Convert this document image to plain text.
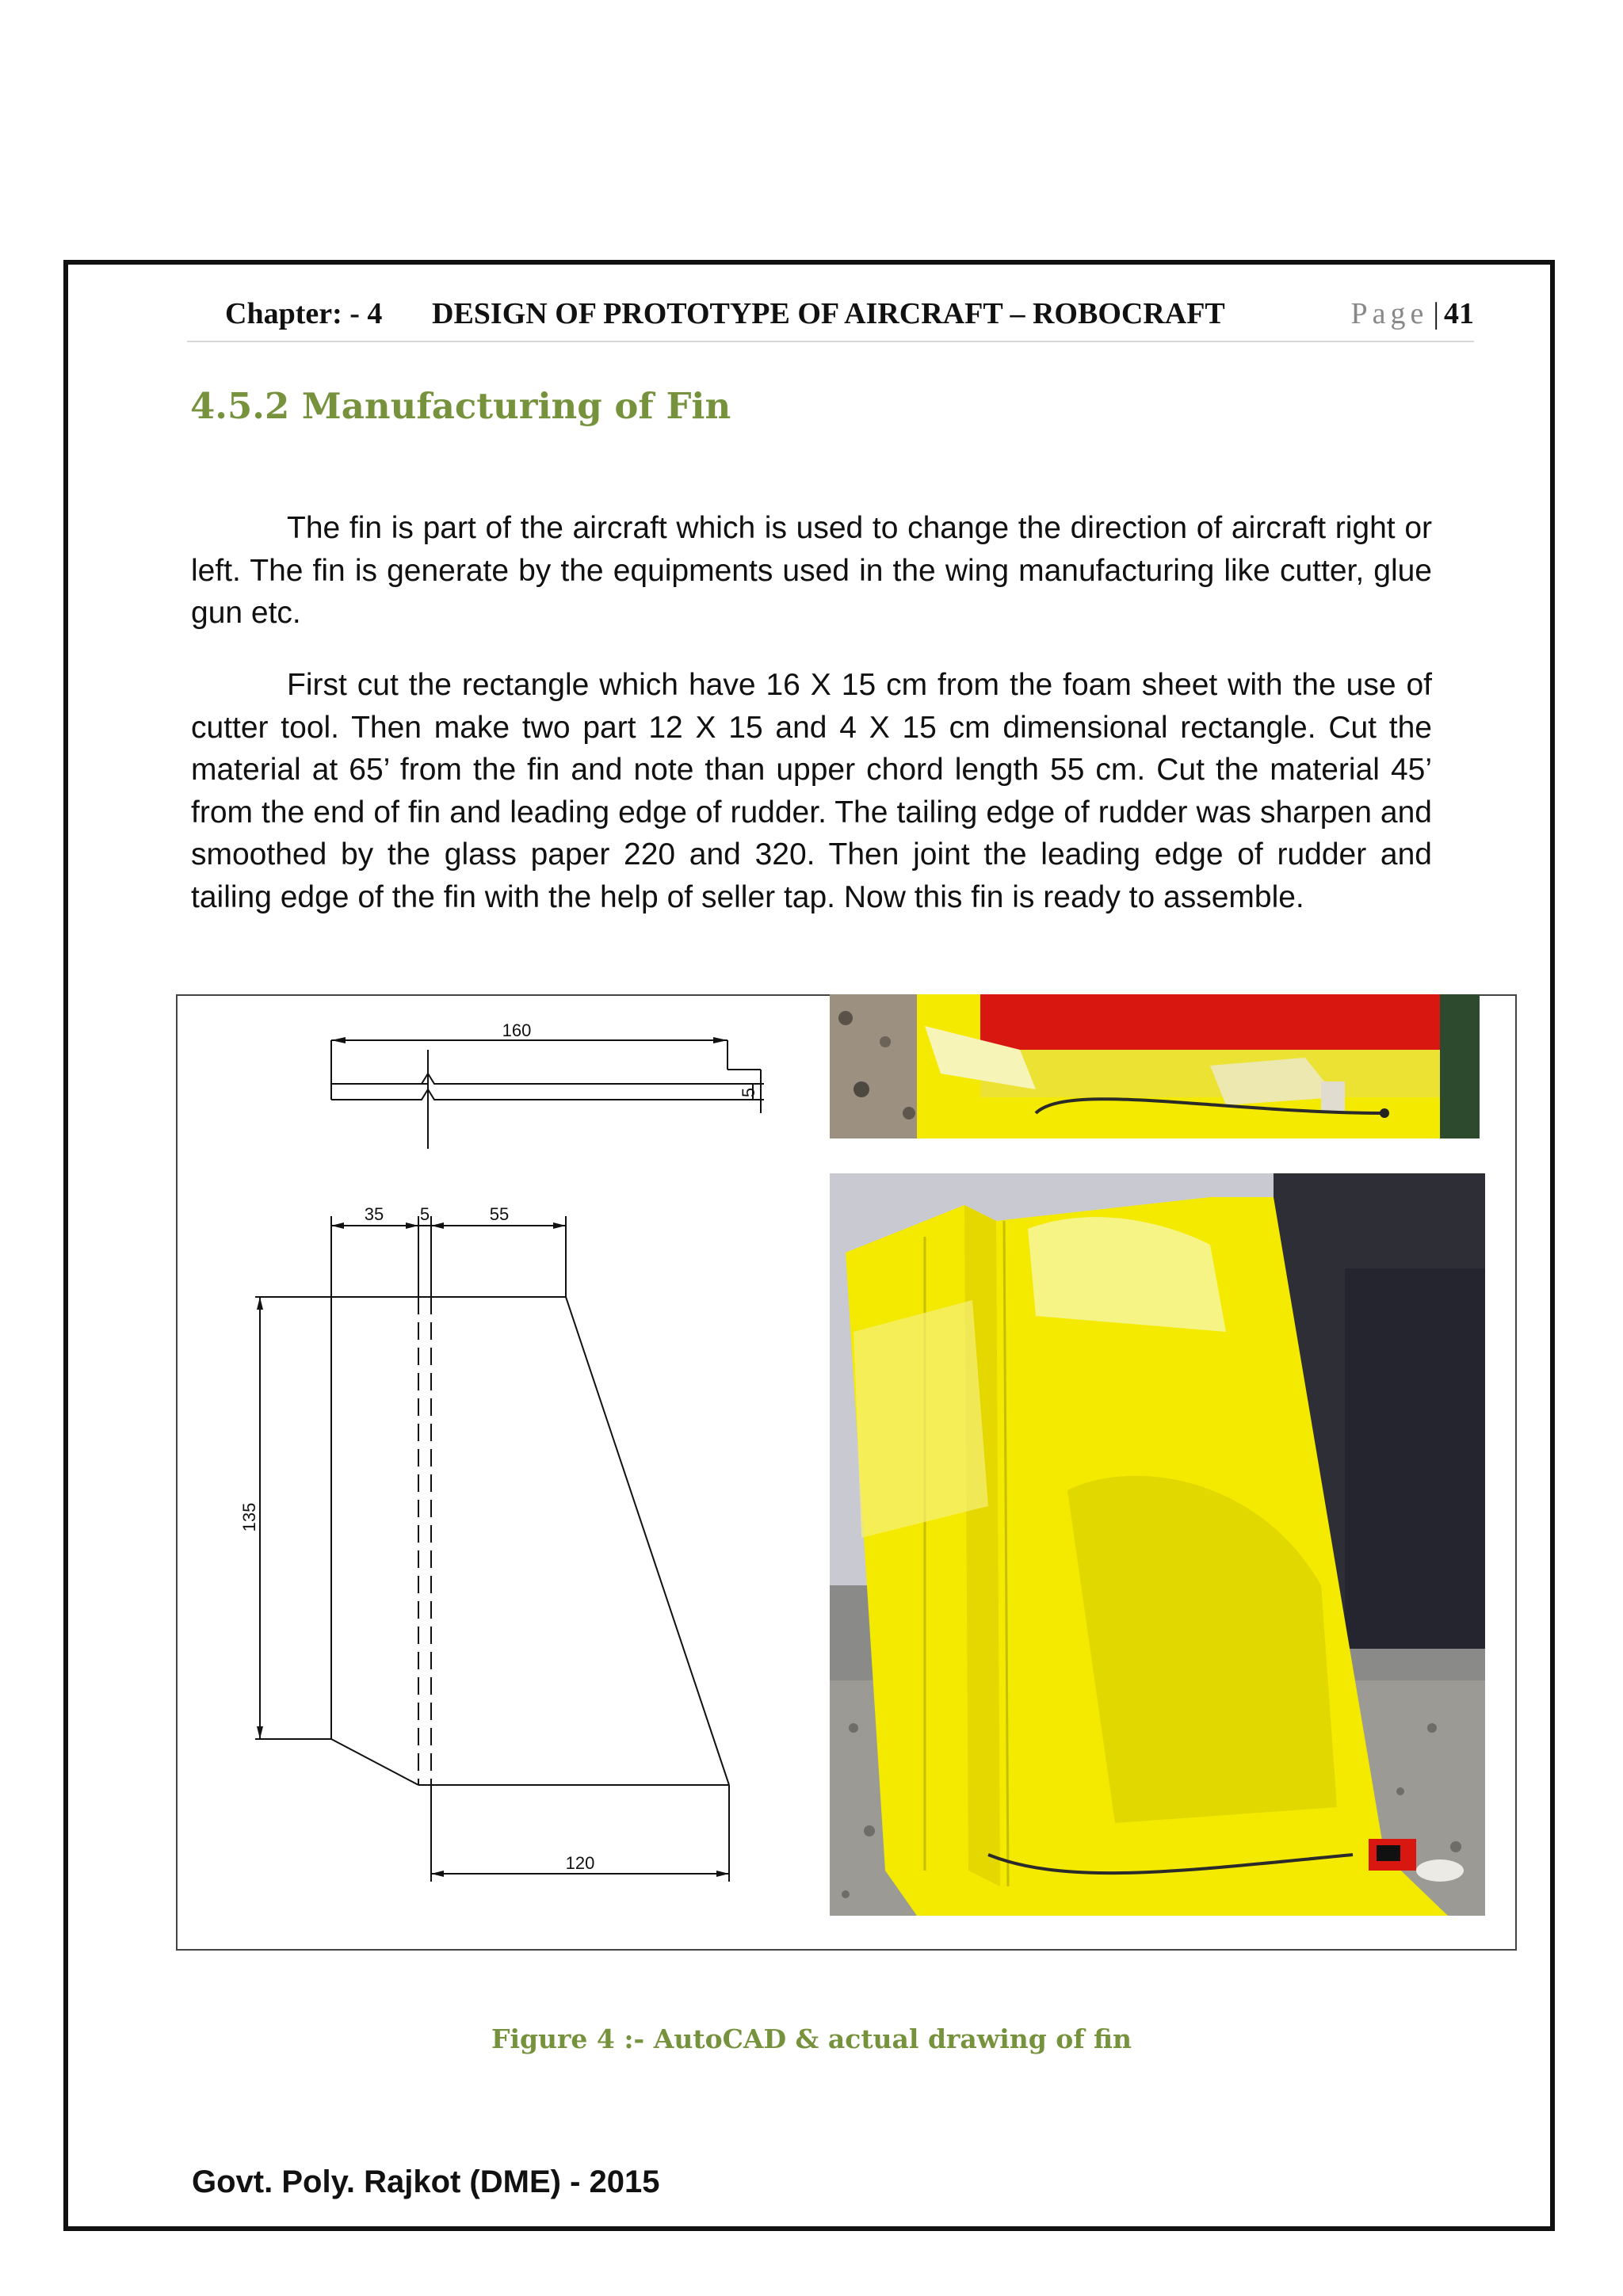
Chapter: - 4 DESIGN OF PROTOTYPE OF AIRCRAFT – ROBOCRAFT	Page | 41
4.5.2 Manufacturing of Fin

The fin is part of the aircraft which is used to change the direction of aircraft right or left. The fin is generate by the equipments used in the wing manufacturing like cutter, glue gun etc.

First cut the rectangle which have 16 X 15 cm from the foam sheet with the use of cutter tool. Then make two part 12 X 15 and 4 X 15 cm dimensional rectangle. Cut the material at 65’ from the fin and note than upper chord length 55 cm. Cut the material 45’ from the end of fin and leading edge of rudder. The tailing edge of rudder was sharpen and smoothed by the glass paper 220 and 320. Then joint the leading edge of rudder and tailing edge of the fin with the help of seller tap. Now this fin is ready to assemble.

160
5
35 5	55
135
120
Figure 4 :- AutoCAD & actual drawing of fin
Govt. Poly. Rajkot (DME) - 2015
